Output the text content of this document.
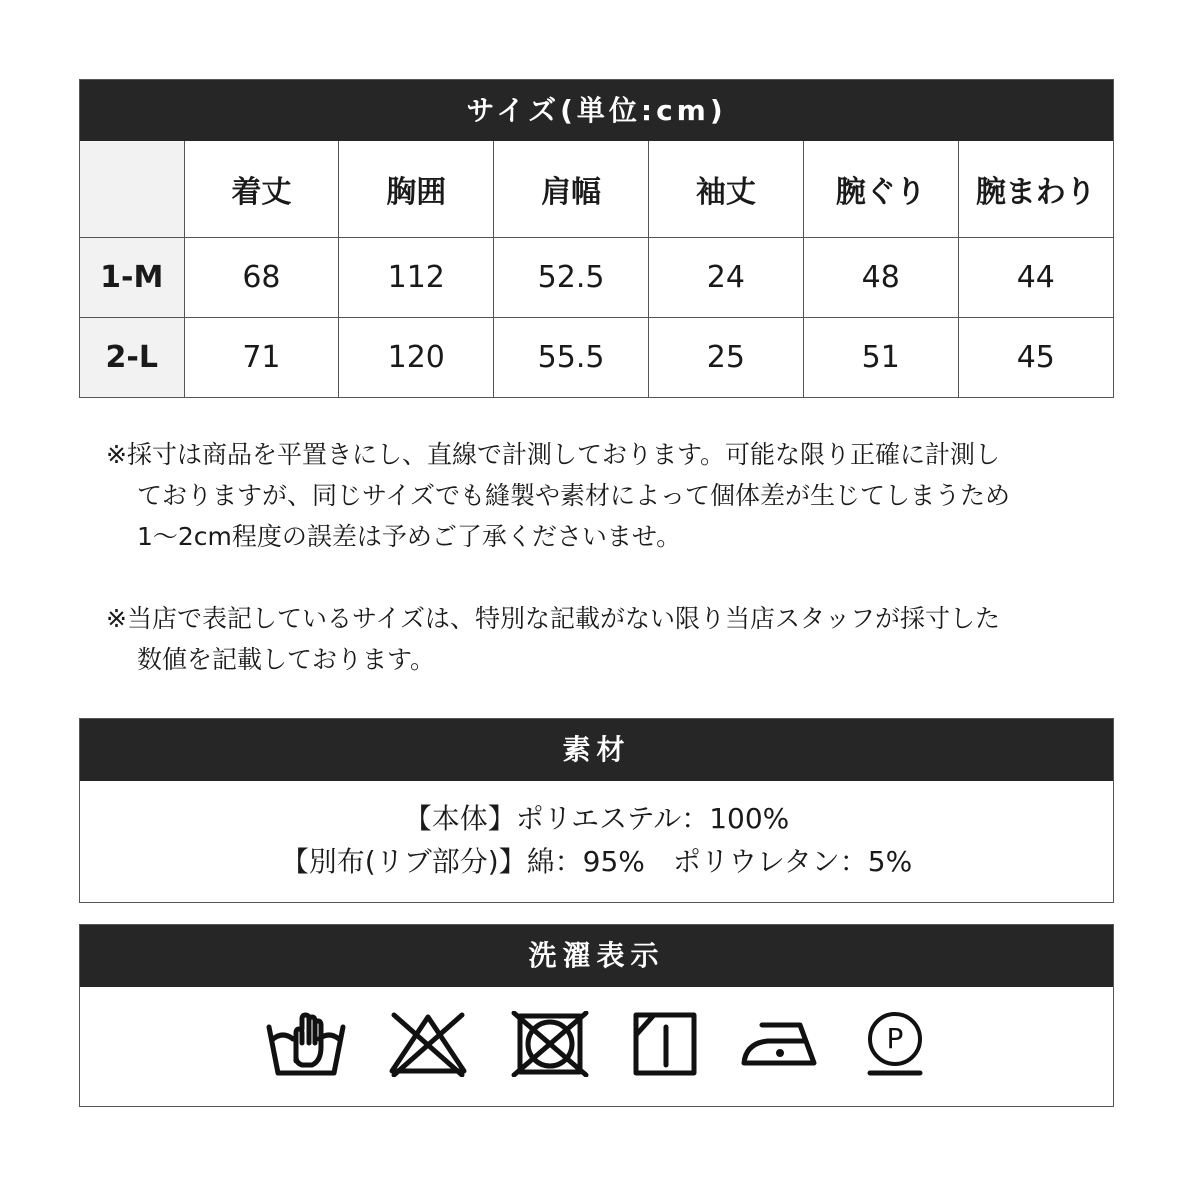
サイズ(単位:cm)
	着丈	胸囲	肩幅	袖丈	腕ぐり	腕まわり
1-M	68	112	52.5	24	48	44
2-L	71	120	55.5	25	51	45

※採寸は商品を平置きにし、直線で計測しております。可能な限り正確に計測し

ておりますが、同じサイズでも縫製や素材によって個体差が生じてしまうため

1～2cm程度の誤差は予めご了承くださいませ。

※当店で表記しているサイズは、特別な記載がない限り当店スタッフが採寸した

数値を記載しております。

素材
【本体】ポリエステル：100%
【別布(リブ部分)】綿：95%　ポリウレタン：5%
洗濯表示
P
